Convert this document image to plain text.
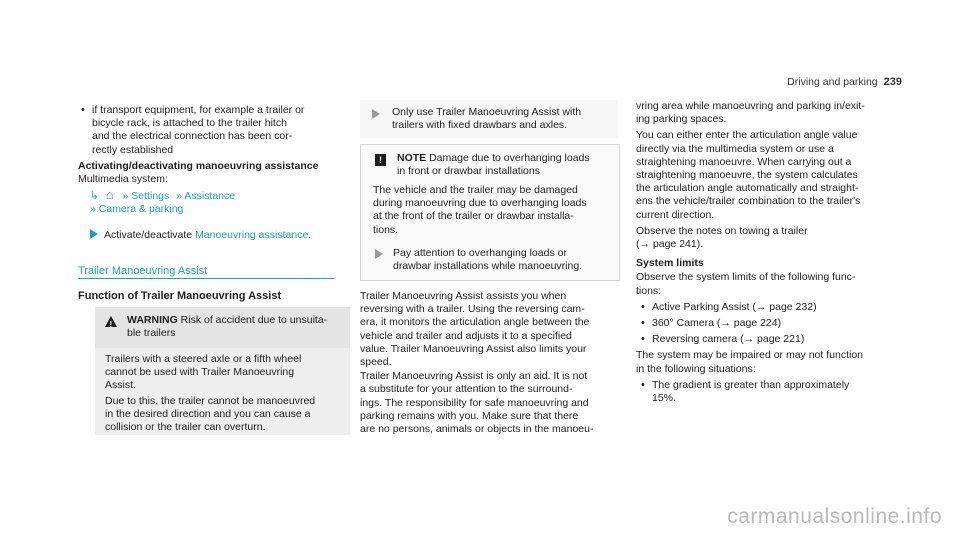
Driving and parking 239
• if transport equipment, for example a trailer or
bicycle rack, is attached to the trailer hitch
and the electrical connection has been cor-
rectly established
Activating/deactivating manoeuvring assistance
Multimedia system:
↳ ⌂ » Settings » Assistance
» Camera & parking
Activate/deactivate Manoeuvring assistance.
Trailer Manoeuvring Assist
Function of Trailer Manoeuvring Assist
! WARNING Risk of accident due to unsuita-
ble trailers
Trailers with a steered axle or a fifth wheel
cannot be used with Trailer Manoeuvring
Assist.
Due to this, the trailer cannot be manoeuvred
in the desired direction and you can cause a
collision or the trailer can overturn.
Only use Trailer Manoeuvring Assist with
trailers with fixed drawbars and axles.
!	NOTE Damage due to overhanging loads
in front or drawbar installations
The vehicle and the trailer may be damaged
during manoeuvring due to overhanging loads
at the front of the trailer or drawbar installa-
tions.
Pay attention to overhanging loads or
drawbar installations while manoeuvring.
Trailer Manoeuvring Assist assists you when
reversing with a trailer. Using the reversing cam-
era, it monitors the articulation angle between the
vehicle and trailer and adjusts it to a specified
value. Trailer Manoeuvring Assist also limits your
speed.
Trailer Manoeuvring Assist is only an aid. It is not
a substitute for your attention to the surround-
ings. The responsibility for safe manoeuvring and
parking remains with you. Make sure that there
are no persons, animals or objects in the manoeu-
vring area while manoeuvring and parking in/exit-
ing parking spaces.
You can either enter the articulation angle value
directly via the multimedia system or use a
straightening manoeuvre. When carrying out a
straightening manoeuvre, the system calculates
the articulation angle automatically and straight-
ens the vehicle/trailer combination to the trailer's
current direction.
Observe the notes on towing a trailer
(→ page 241).
System limits
Observe the system limits of the following func-
tions:
• Active Parking Assist (→ page 232)
• 360° Camera (→ page 224)
• Reversing camera (→ page 221)
The system may be impaired or may not function
in the following situations:
• The gradient is greater than approximately
15%.
carmanualsonline.info
